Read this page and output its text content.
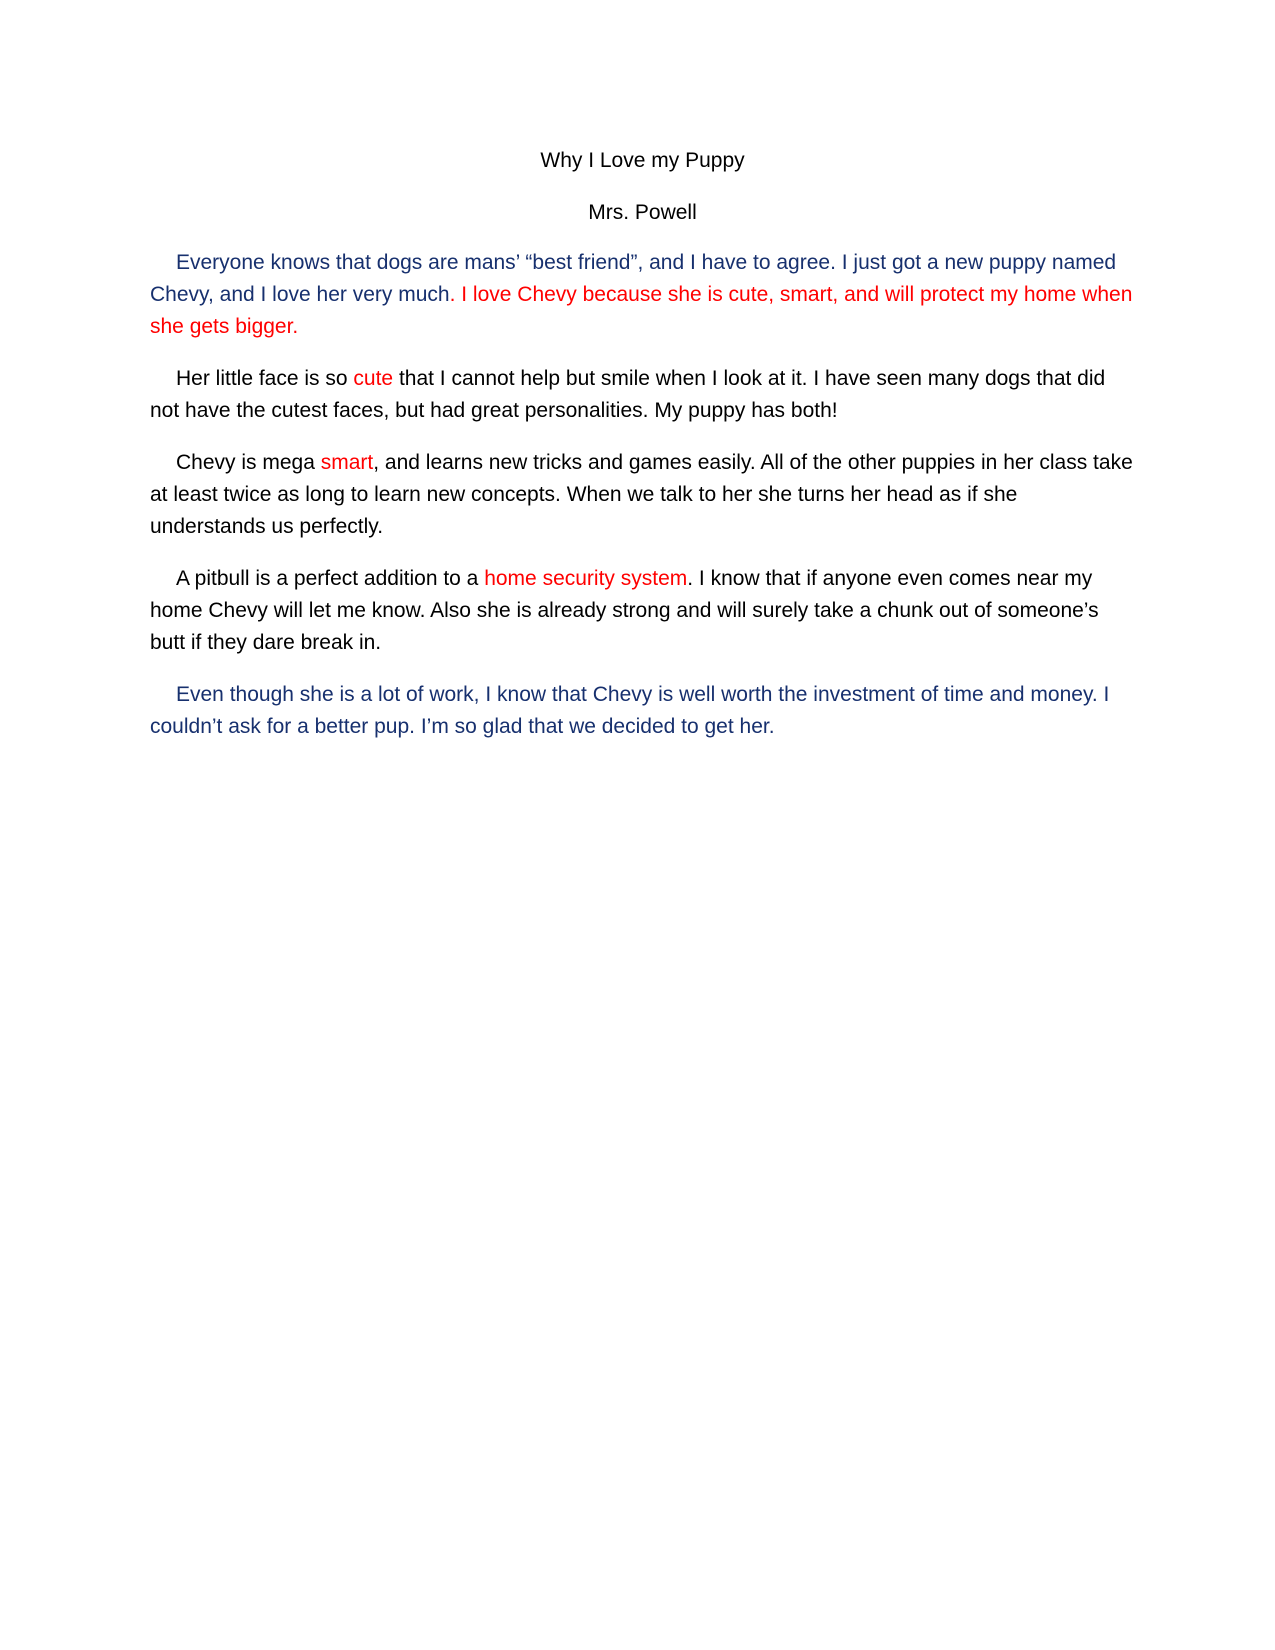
Why I Love my Puppy

Mrs. Powell

Everyone knows that dogs are mans’ “best friend”, and I have to agree. I just got a new puppy named Chevy, and I love her very much. I love Chevy because she is cute, smart, and will protect my home when she gets bigger.

Her little face is so cute that I cannot help but smile when I look at it. I have seen many dogs that did not have the cutest faces, but had great personalities. My puppy has both!

Chevy is mega smart, and learns new tricks and games easily. All of the other puppies in her class take at least twice as long to learn new concepts. When we talk to her she turns her head as if she understands us perfectly.

A pitbull is a perfect addition to a home security system. I know that if anyone even comes near my home Chevy will let me know. Also she is already strong and will surely take a chunk out of someone’s butt if they dare break in.

Even though she is a lot of work, I know that Chevy is well worth the investment of time and money. I couldn’t ask for a better pup. I’m so glad that we decided to get her.
